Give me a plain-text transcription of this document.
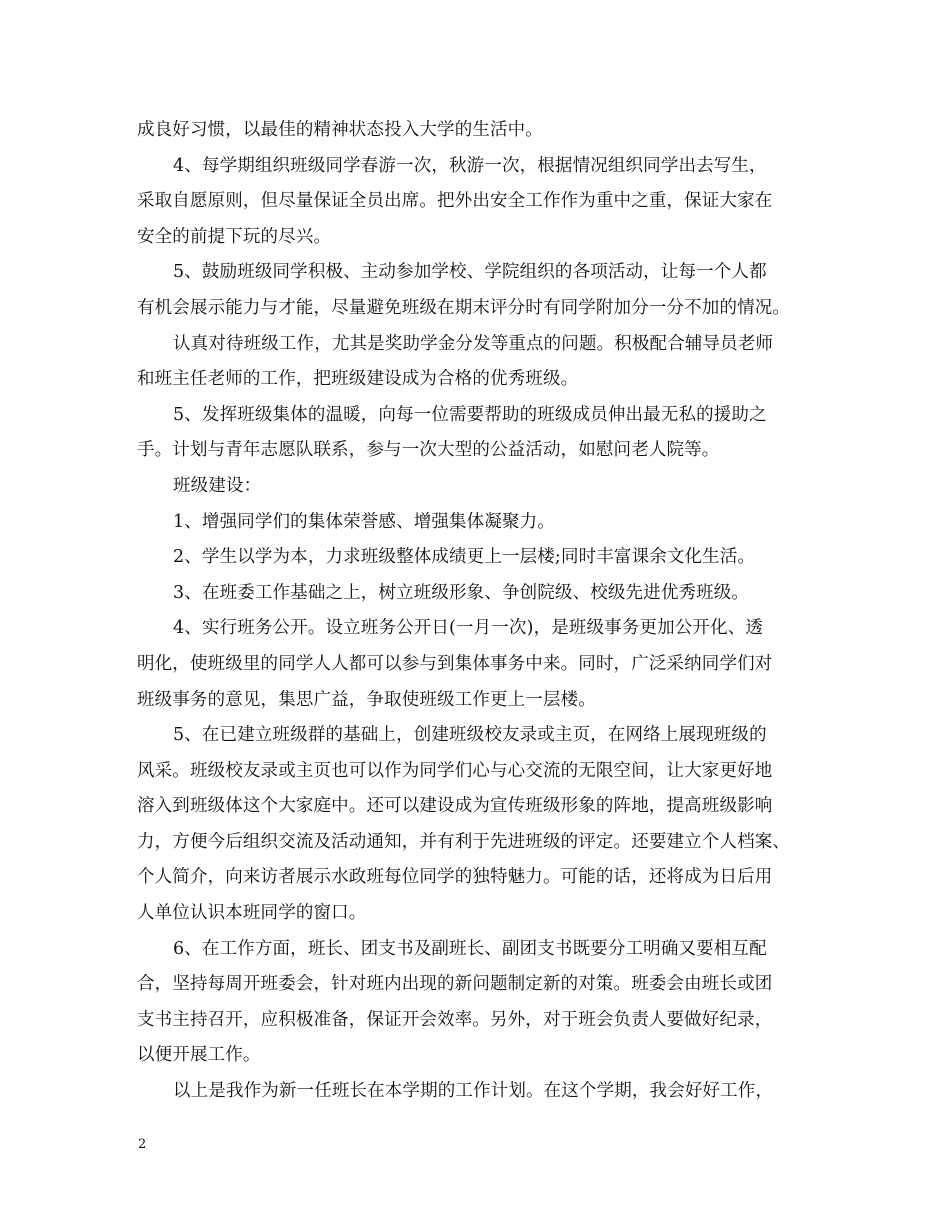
成良好习惯，以最佳的精神状态投入大学的生活中。
4、每学期组织班级同学春游一次，秋游一次，根据情况组织同学出去写生，
采取自愿原则，但尽量保证全员出席。把外出安全工作作为重中之重，保证大家在
安全的前提下玩的尽兴。
5、鼓励班级同学积极、主动参加学校、学院组织的各项活动，让每一个人都
有机会展示能力与才能，尽量避免班级在期末评分时有同学附加分一分不加的情况。
认真对待班级工作，尤其是奖助学金分发等重点的问题。积极配合辅导员老师
和班主任老师的工作，把班级建设成为合格的优秀班级。
5、发挥班级集体的温暖，向每一位需要帮助的班级成员伸出最无私的援助之
手。计划与青年志愿队联系，参与一次大型的公益活动，如慰问老人院等。
班级建设：
1、增强同学们的集体荣誉感、增强集体凝聚力。
2、学生以学为本，力求班级整体成绩更上一层楼;同时丰富课余文化生活。
3、在班委工作基础之上，树立班级形象、争创院级、校级先进优秀班级。
4、实行班务公开。设立班务公开日(一月一次)，是班级事务更加公开化、透
明化，使班级里的同学人人都可以参与到集体事务中来。同时，广泛采纳同学们对
班级事务的意见，集思广益，争取使班级工作更上一层楼。
5、在已建立班级群的基础上，创建班级校友录或主页，在网络上展现班级的
风采。班级校友录或主页也可以作为同学们心与心交流的无限空间，让大家更好地
溶入到班级体这个大家庭中。还可以建设成为宣传班级形象的阵地，提高班级影响
力，方便今后组织交流及活动通知，并有利于先进班级的评定。还要建立个人档案、
个人简介，向来访者展示水政班每位同学的独特魅力。可能的话，还将成为日后用
人单位认识本班同学的窗口。
6、在工作方面，班长、团支书及副班长、副团支书既要分工明确又要相互配
合，坚持每周开班委会，针对班内出现的新问题制定新的对策。班委会由班长或团
支书主持召开，应积极准备，保证开会效率。另外，对于班会负责人要做好纪录，
以便开展工作。
以上是我作为新一任班长在本学期的工作计划。在这个学期，我会好好工作，
2
